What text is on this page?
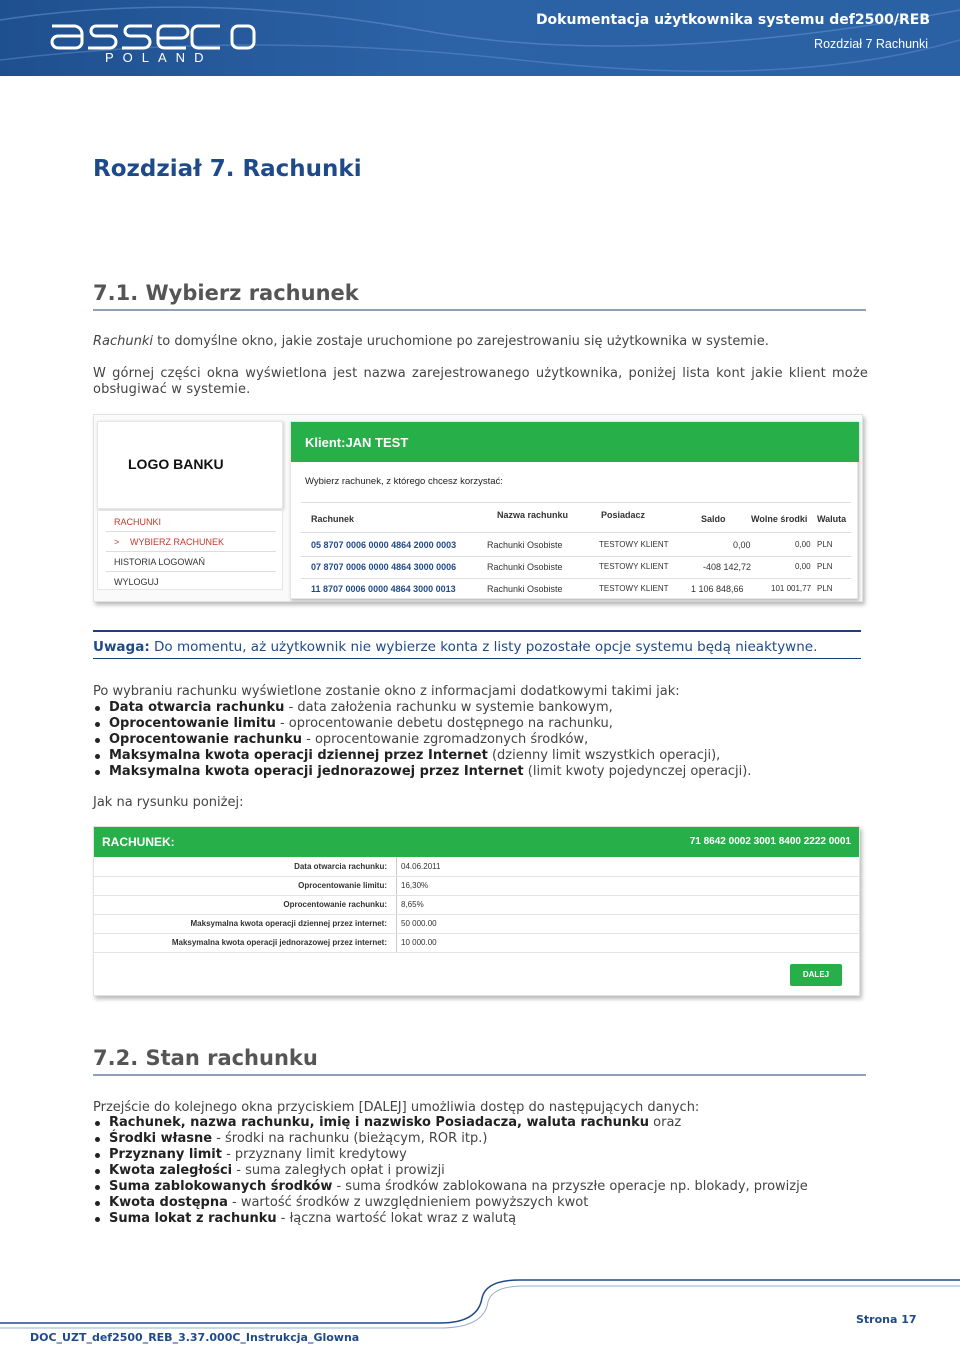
POLAND
Dokumentacja użytkownika systemu def2500/REB
Rozdział 7 Rachunki
Rozdział 7. Rachunki
7.1. Wybierz rachunek
Rachunki to domyślne okno, jakie zostaje uruchomione po zarejestrowaniu się użytkownika w systemie.
W górnej części okna wyświetlona jest nazwa zarejestrowanego użytkownika, poniżej lista kont jakie klient może obsługiwać w systemie.
LOGO BANKU
RACHUNKI
> WYBIERZ RACHUNEK
HISTORIA LOGOWAŃ
WYLOGUJ
Klient:JAN TEST
Wybierz rachunek, z którego chcesz korzystać:
Rachunek	Nazwa rachunku	Posiadacz	Saldo	Wolne środki Waluta
05 8707 0006 0000 4864 2000 0003	Rachunki Osobiste	TESTOWY KLIENT	0,00	0,00 PLN
07 8707 0006 0000 4864 3000 0006	Rachunki Osobiste	TESTOWY KLIENT	-408 142,72	0,00 PLN
11 8707 0006 0000 4864 3000 0013	Rachunki Osobiste	TESTOWY KLIENT	1 106 848,66	101 001,77 PLN
Uwaga: Do momentu, aż użytkownik nie wybierze konta z listy pozostałe opcje systemu będą nieaktywne.
Po wybraniu rachunku wyświetlone zostanie okno z informacjami dodatkowymi takimi jak:
Data otwarcia rachunku - data założenia rachunku w systemie bankowym,
Oprocentowanie limitu - oprocentowanie debetu dostępnego na rachunku,
Oprocentowanie rachunku - oprocentowanie zgromadzonych środków,
Maksymalna kwota operacji dziennej przez Internet (dzienny limit wszystkich operacji),
Maksymalna kwota operacji jednorazowej przez Internet (limit kwoty pojedynczej operacji).
Jak na rysunku poniżej:
RACHUNEK:	71 8642 0002 3001 8400 2222 0001
Data otwarcia rachunku: 04.06.2011
Oprocentowanie limitu: 16,30%
Oprocentowanie rachunku: 8,65%
Maksymalna kwota operacji dziennej przez internet: 50 000.00
Maksymalna kwota operacji jednorazowej przez internet: 10 000.00
DALEJ
7.2. Stan rachunku
Przejście do kolejnego okna przyciskiem [DALEJ] umożliwia dostęp do następujących danych:
Rachunek, nazwa rachunku, imię i nazwisko Posiadacza, waluta rachunku oraz
Środki własne - środki na rachunku (bieżącym, ROR itp.)
Przyznany limit - przyznany limit kredytowy
Kwota zaległości - suma zaległych opłat i prowizji
Suma zablokowanych środków - suma środków zablokowana na przyszłe operacje np. blokady, prowizje
Kwota dostępna - wartość środków z uwzględnieniem powyższych kwot
Suma lokat z rachunku - łączna wartość lokat wraz z walutą
DOC_UZT_def2500_REB_3.37.000C_Instrukcja_Glowna
Strona 17
